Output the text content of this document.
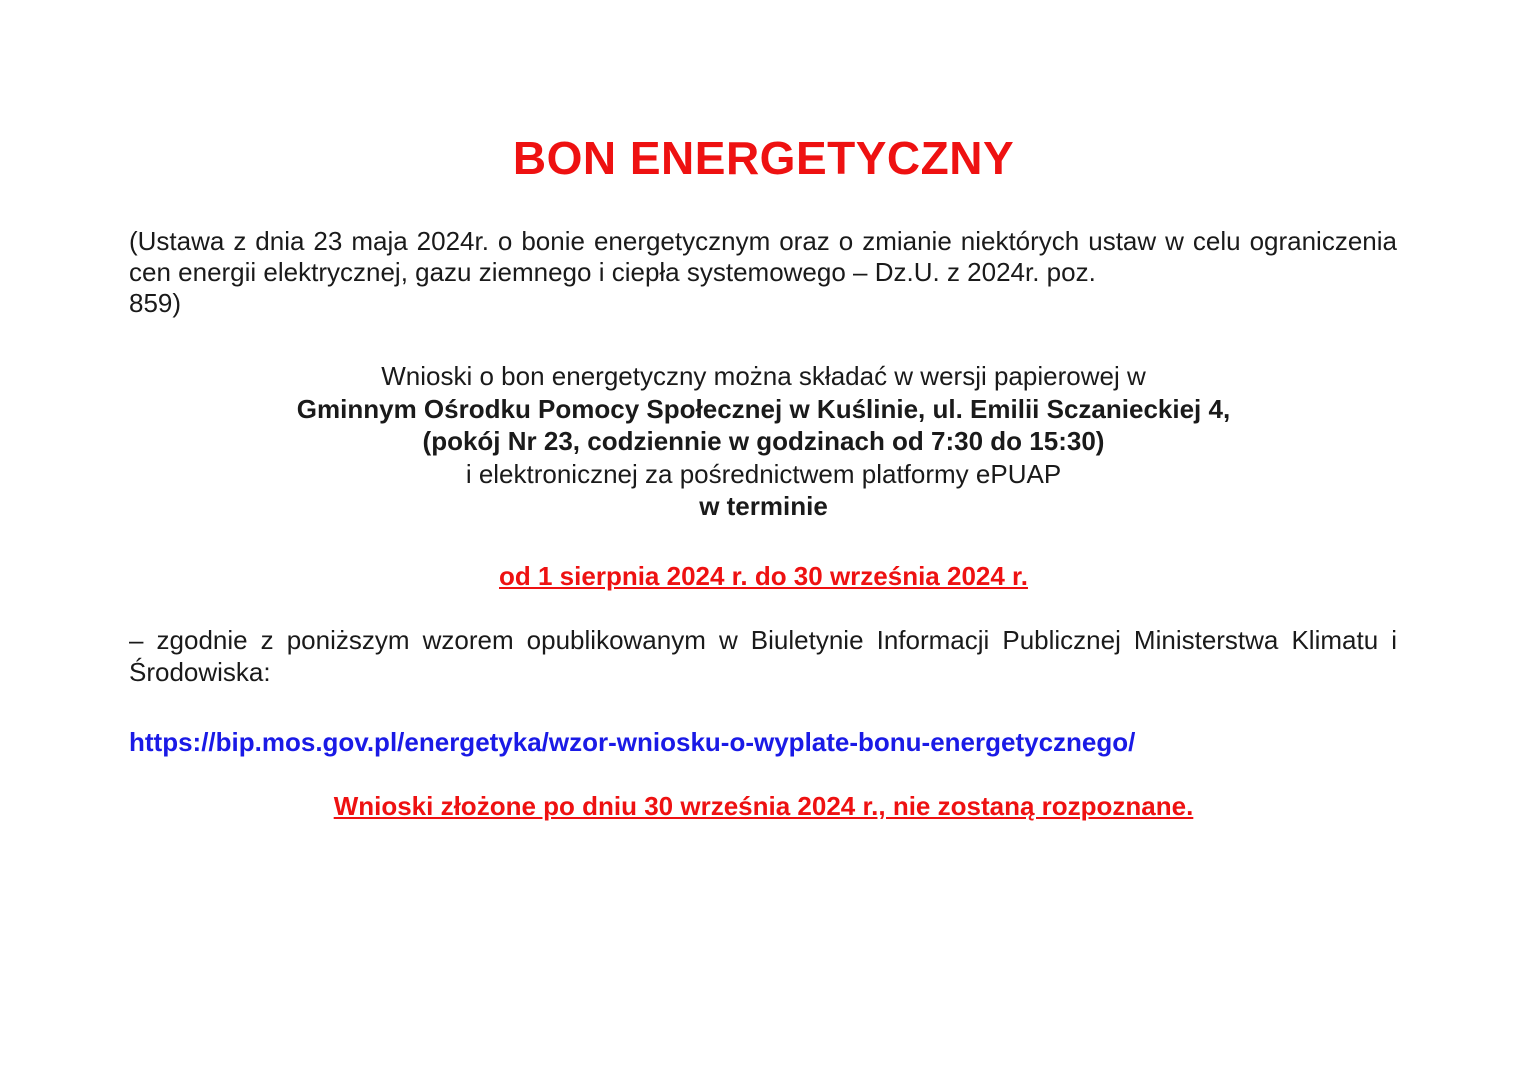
BON ENERGETYCZNY
(Ustawa z dnia 23 maja 2024r. o bonie energetycznym oraz o zmianie niektórych ustaw w celu ograniczenia cen energii elektrycznej, gazu ziemnego i ciepła systemowego – Dz.U. z 2024r. poz.
859)
Wnioski o bon energetyczny można składać w wersji papierowej w
Gminnym Ośrodku Pomocy Społecznej w Kuślinie, ul. Emilii Sczanieckiej 4,
(pokój Nr 23, codziennie w godzinach od 7:30 do 15:30)
i elektronicznej za pośrednictwem platformy ePUAP
w terminie
od 1 sierpnia 2024 r. do 30 września 2024 r.
– zgodnie z poniższym wzorem opublikowanym w Biuletynie Informacji Publicznej Ministerstwa Klimatu i Środowiska:
https://bip.mos.gov.pl/energetyka/wzor-wniosku-o-wyplate-bonu-energetycznego/
Wnioski złożone po dniu 30 września 2024 r., nie zostaną rozpoznane.
